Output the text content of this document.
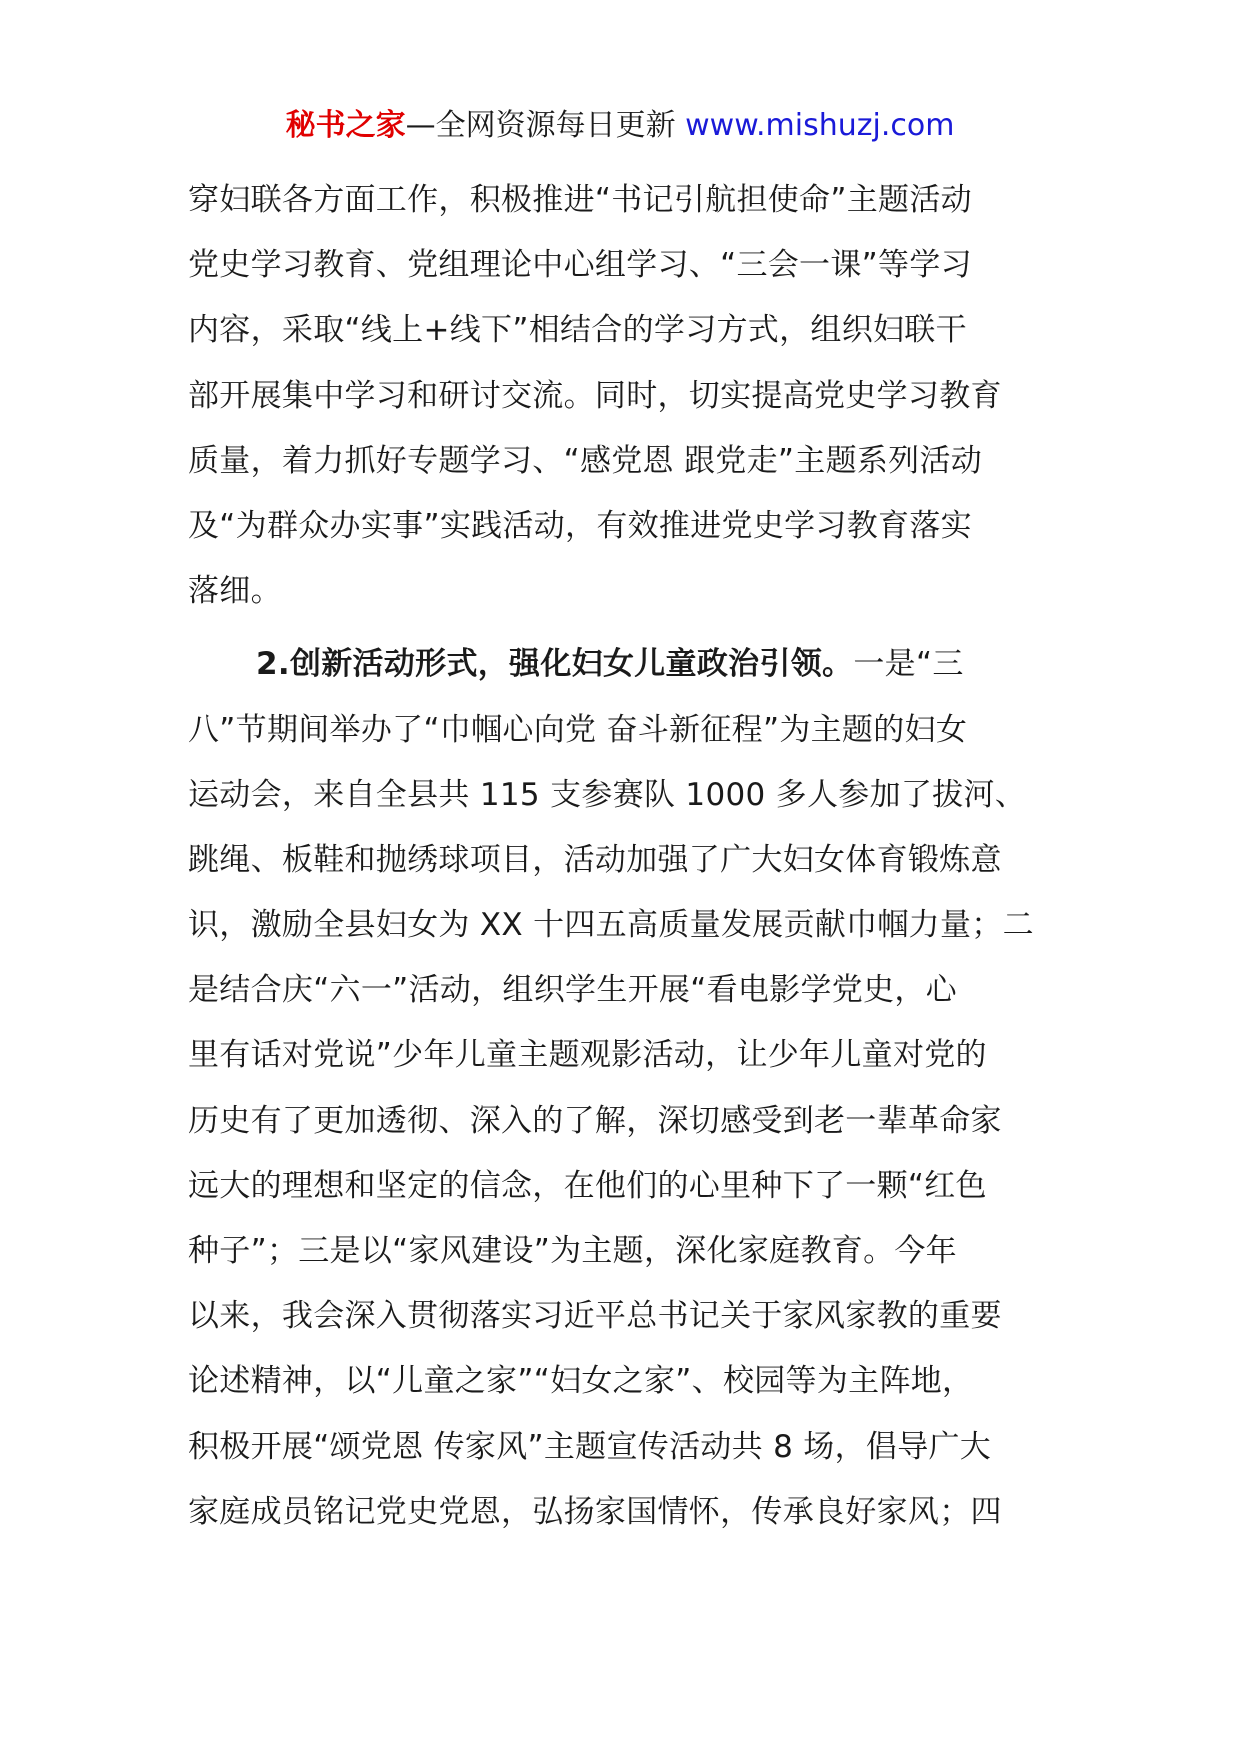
秘书之家—全网资源每日更新 www.mishuzj.com
穿妇联各方面工作，积极推进“书记引航担使命”主题活动
党史学习教育、党组理论中心组学习、“三会一课”等学习
内容，采取“线上+线下”相结合的学习方式，组织妇联干
部开展集中学习和研讨交流。同时，切实提高党史学习教育
质量，着力抓好专题学习、“感党恩 跟党走”主题系列活动
及“为群众办实事”实践活动，有效推进党史学习教育落实
落细。
2.创新活动形式，强化妇女儿童政治引领。一是“三
八”节期间举办了“巾帼心向党 奋斗新征程”为主题的妇女
运动会，来自全县共 115 支参赛队 1000 多人参加了拔河、
跳绳、板鞋和抛绣球项目，活动加强了广大妇女体育锻炼意
识，激励全县妇女为 XX 十四五高质量发展贡献巾帼力量；二
是结合庆“六一”活动，组织学生开展“看电影学党史，心
里有话对党说”少年儿童主题观影活动，让少年儿童对党的
历史有了更加透彻、深入的了解，深切感受到老一辈革命家
远大的理想和坚定的信念，在他们的心里种下了一颗“红色
种子”；三是以“家风建设”为主题，深化家庭教育。今年
以来，我会深入贯彻落实习近平总书记关于家风家教的重要
论述精神，以“儿童之家”“妇女之家”、校园等为主阵地，
积极开展“颂党恩 传家风”主题宣传活动共 8 场，倡导广大
家庭成员铭记党史党恩，弘扬家国情怀，传承良好家风；四
